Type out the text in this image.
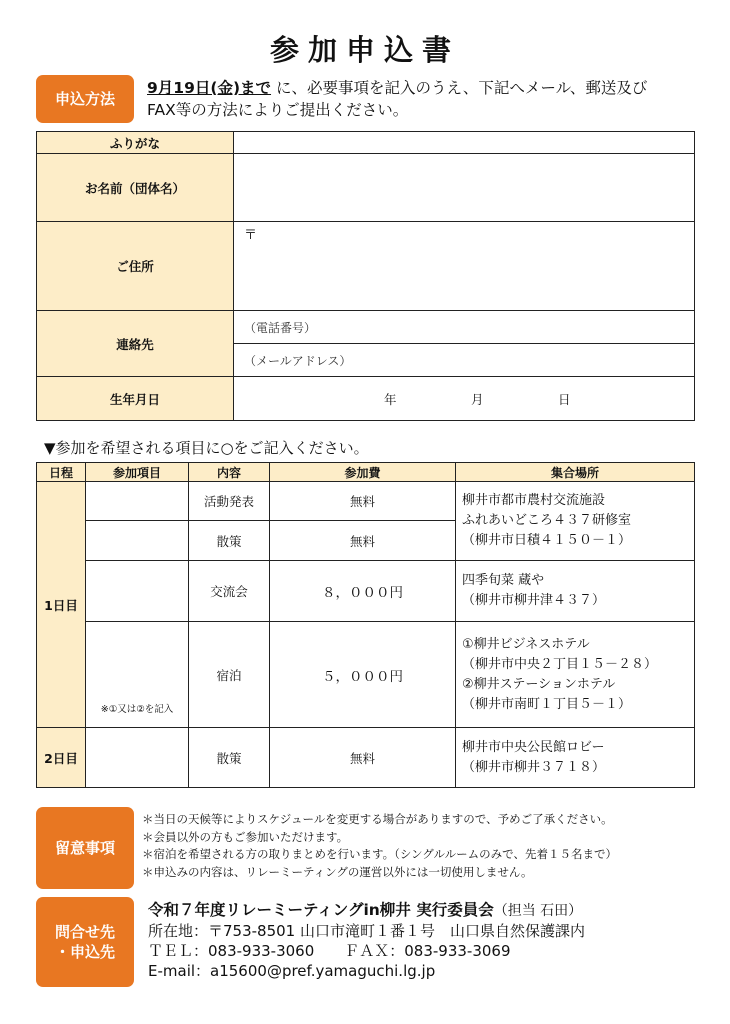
参加申込書
申込方法
9月19日(金)まで に、必要事項を記入のうえ、下記へメール、郵送及び
FAX等の方法によりご提出ください。
ふりがな	
お名前（団体名）	
ご住所	〒

連絡先	（電話番号）
	（メールアドレス）
生年月日	年 月 日
▼参加を希望される項目に○をご記入ください。
日程	参加項目	内容	参加費	集合場所
1日目		活動発表	無料	柳井市都市農村交流施設
ふれあいどころ４３７研修室
（柳井市日積４１５０－１）

		散策	無料	
		交流会	８，０００円	四季旬菜 蔵や
（柳井市柳井津４３７）

	※①又は②を記入	宿泊	５，０００円	①柳井ビジネスホテル
（柳井市中央２丁目１５－２８）
②柳井ステーションホテル
（柳井市南町１丁目５－１）

2日目		散策	無料	柳井市中央公民館ロビー
（柳井市柳井３７１８）
留意事項
＊当日の天候等によりスケジュールを変更する場合がありますので、予めご了承ください。
＊会員以外の方もご参加いただけます。
＊宿泊を希望される方の取りまとめを行います。（シングルルームのみで、先着１５名まで）
＊申込みの内容は、リレーミーティングの運営以外には一切使用しません。
問合せ先
・申込先
令和７年度リレーミーティングin柳井 実行委員会（担当 石田）
所在地：〒753-8501 山口市滝町１番１号　山口県自然保護課内
ＴＥＬ：083-933-3060　　ＦＡＸ：083-933-3069
E-mail：a15600@pref.yamaguchi.lg.jp
